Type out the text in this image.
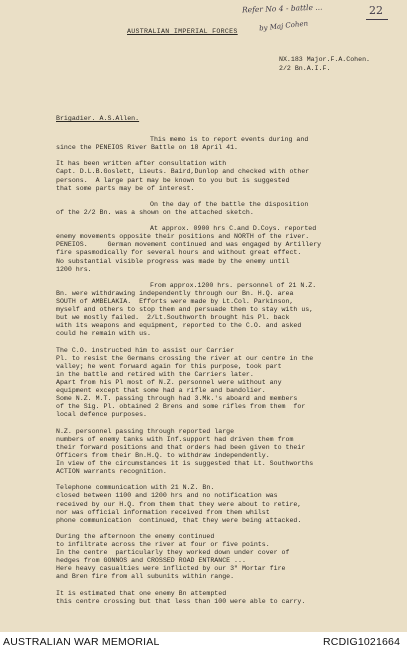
Refer No 4 - battle ...
by Maj Cohen
22
AUSTRALIAN IMPERIAL FORCES
NX.183 Major.F.A.Cohen.
2/2 Bn.A.I.F.
Brigadier. A.S.Allen.
This memo is to report events during and
since the PENEIOS River Battle on 18 April 41.
It has been written after consultation with
Capt. D.L.B.Goslett, Lieuts. Baird,Dunlop and checked with other
persons.  A large part may be known to you but is suggested
that some parts may be of interest.
On the day of the battle the disposition
of the 2/2 Bn. was a shown on the attached sketch.
At approx. 0900 hrs C.and D.Coys. reported
enemy movements opposite their positions and NORTH of the river.
PENEIOS.     German movement continued and was engaged by Artillery
fire spasmodically for several hours and without great effect.
No substantial visible progress was made by the enemy until
1200 hrs.
From approx.1200 hrs. personnel of 21 N.Z.
Bn. were withdrawing independently through our Bn. H.Q. area
SOUTH of AMBELAKIA.  Efforts were made by Lt.Col. Parkinson,
myself and others to stop them and persuade them to stay with us,
but we mostly failed.  2/Lt.Southworth brought his Pl. back
with its weapons and equipment, reported to the C.O. and asked
could he remain with us.
The C.O. instructed him to assist our Carrier
Pl. to resist the Germans crossing the river at our centre in the
valley; he went forward again for this purpose, took part
in the battle and retired with the Carriers later.
Apart from his Pl most of N.Z. personnel were without any
equipment except that some had a rifle and bandolier.
Some N.Z. M.T. passing through had 3.Mk.'s aboard and members
of the Sig. Pl. obtained 2 Brens and some rifles from them  for
local defence purposes.
N.Z. personnel passing through reported large
numbers of enemy tanks with Inf.support had driven them from
their forward positions and that orders had been given to their
Officers from their Bn.H.Q. to withdraw independently.
In view of the circumstances it is suggested that Lt. Southworths
ACTION warrants recognition.
Telephone communication with 21 N.Z. Bn.
closed between 1100 and 1200 hrs and no notification was
received by our H.Q. from them that they were about to retire,
nor was official information received from them whilst
phone communication  continued, that they were being attacked.
During the afternoon the enemy continued
to infiltrate across the river at four or five points.
In the centre  particularly they worked down under cover of
hedges from GONNOS and CROSSED ROAD ENTRANCE ...
Here heavy casualties were inflicted by our 3" Mortar fire
and Bren fire from all subunits within range.
It is estimated that one enemy Bn attempted
this centre crossing but that less than 100 were able to carry.
AUSTRALIAN WAR MEMORIAL	RCDIG1021664
